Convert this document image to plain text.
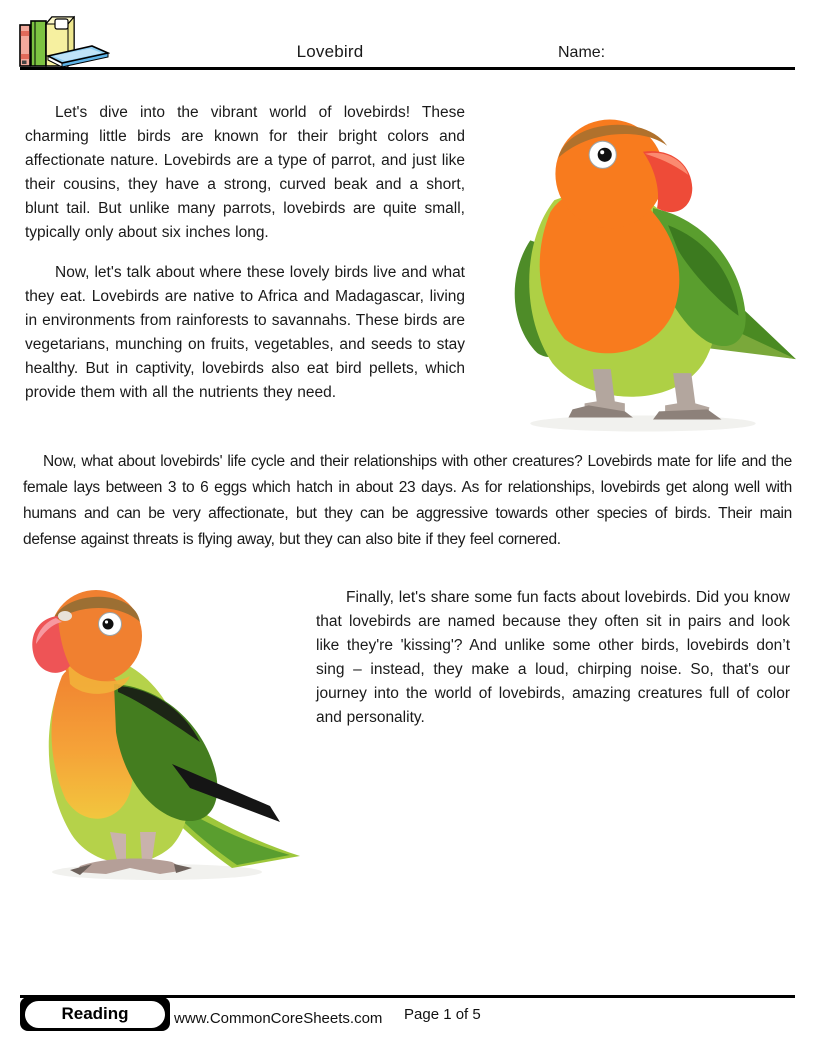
Lovebird	Name:

Let's dive into the vibrant world of lovebirds! These charming little birds are known for their bright colors and affectionate nature. Lovebirds are a type of parrot, and just like their cousins, they have a strong, curved beak and a short, blunt tail. But unlike many parrots, lovebirds are quite small, typically only about six inches long.

Now, let's talk about where these lovely birds live and what they eat. Lovebirds are native to Africa and Madagascar, living in environments from rainforests to savannahs. These birds are vegetarians, munching on fruits, vegetables, and seeds to stay healthy. But in captivity, lovebirds also eat bird pellets, which provide them with all the nutrients they need.

Now, what about lovebirds' life cycle and their relationships with other creatures? Lovebirds mate for life and the female lays between 3 to 6 eggs which hatch in about 23 days. As for relationships, lovebirds get along well with humans and can be very affectionate, but they can be aggressive towards other species of birds. Their main defense against threats is flying away, but they can also bite if they feel cornered.

Finally, let's share some fun facts about lovebirds. Did you know that lovebirds are named because they often sit in pairs and look like they're 'kissing'? And unlike some other birds, lovebirds don’t sing – instead, they make a loud, chirping noise. So, that's our journey into the world of lovebirds, amazing creatures full of color and personality.

Reading	www.CommonCoreSheets.com Page 1 of 5
